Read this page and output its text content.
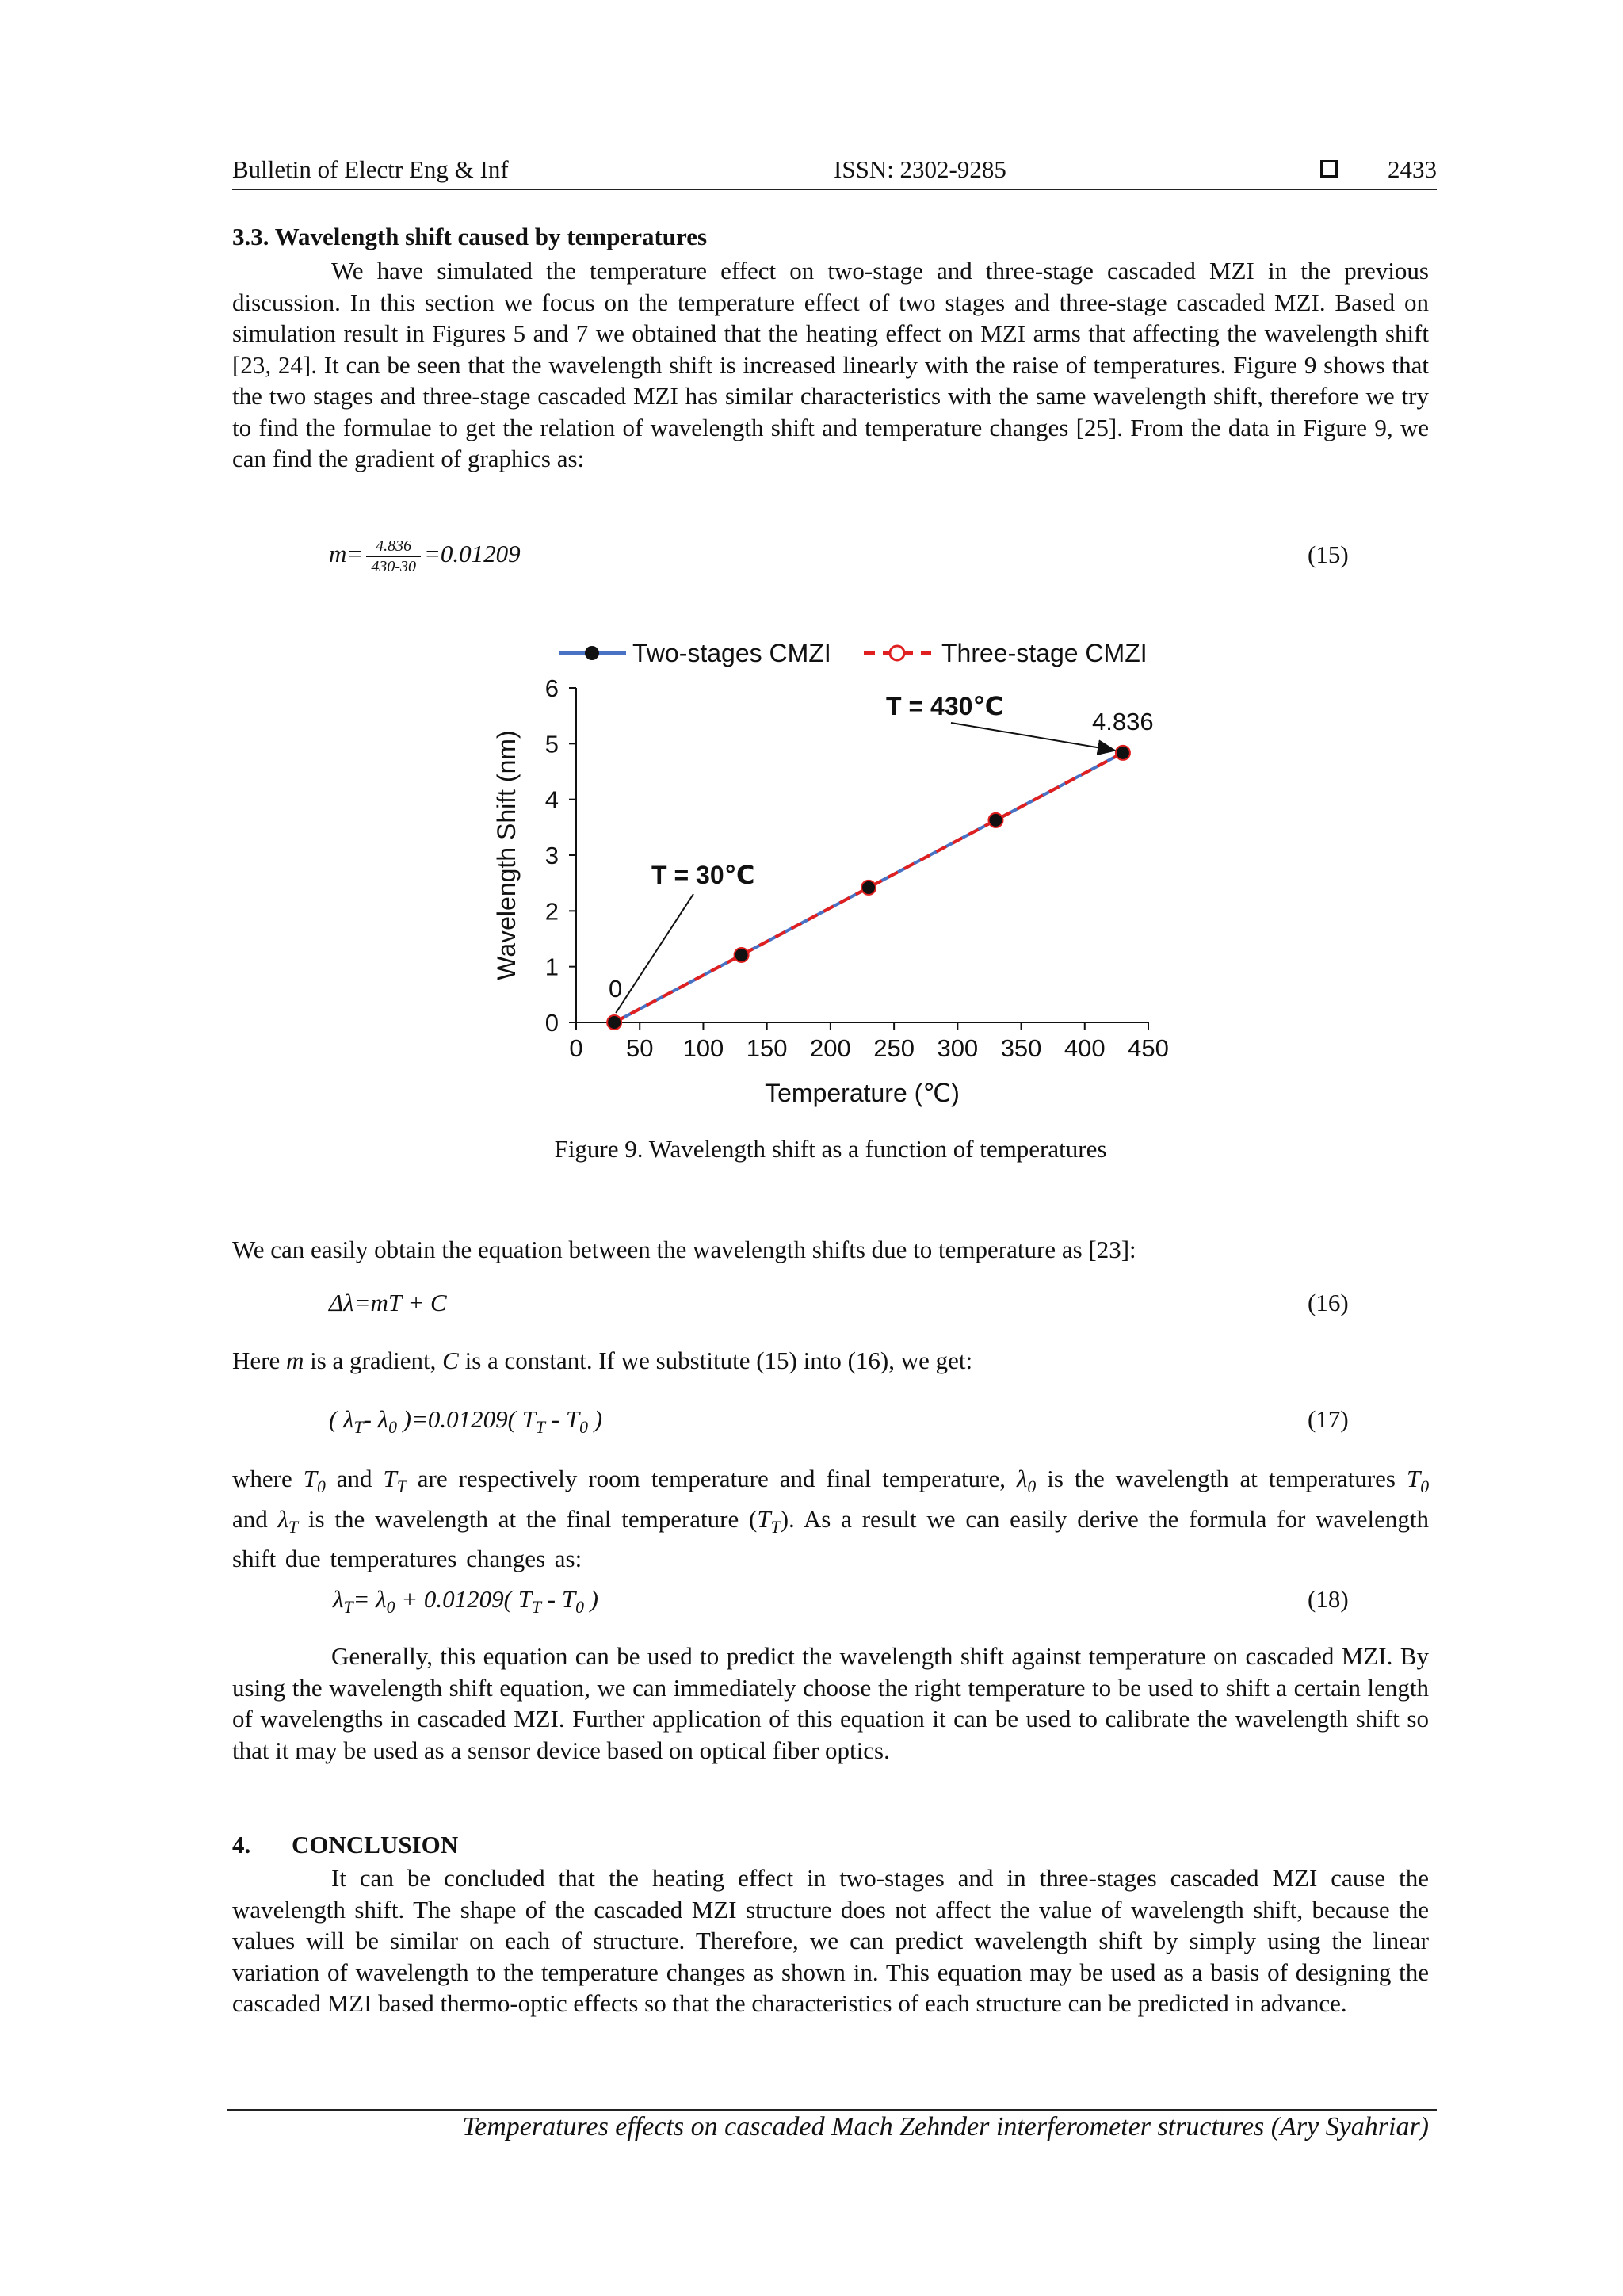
Bulletin of Electr Eng & Inf	ISSN: 2302-9285	2433
3.3. Wavelength shift caused by temperatures
We have simulated the temperature effect on two-stage and three-stage cascaded MZI in the previous discussion. In this section we focus on the temperature effect of two stages and three-stage cascaded MZI. Based on simulation result in Figures 5 and 7 we obtained that the heating effect on MZI arms that affecting the wavelength shift [23, 24]. It can be seen that the wavelength shift is increased linearly with the raise of temperatures. Figure 9 shows that the two stages and three-stage cascaded MZI has similar characteristics with the same wavelength shift, therefore we try to find the formulae to get the relation of wavelength shift and temperature changes [25]. From the data in Figure 9, we can find the gradient of graphics as:
$m= \frac{4.836}{430-30} =0.01209$	(15)
Two-stages CMZI	Three-stage CMZI
0 50 100 150 200 250 300 350 400 450
0
1
2
3
4
5
6
T = 430℃
4.836
T = 30℃
0
Temperature (℃)
Wavelength Shift (nm)
Figure 9. Wavelength shift as a function of temperatures
We can easily obtain the equation between the wavelength shifts due to temperature as [23]:
Δλ=mT + C	(16)
Here m is a gradient, C is a constant. If we substitute (15) into (16), we get:
( $\lambda_T-$ $\lambda_0$ )=0.01209( $T_T - T_0$ )	(17)
where $T_0$ and $T_T$ are respectively room temperature and final temperature, $\lambda_0$ is the wavelength at temperatures $T_0$ and $\lambda_T$ is the wavelength at the final temperature $(T_T)$. As a result we can easily derive the formula for wavelength shift due temperatures changes as:
$\lambda_T= \lambda_0 + 0.01209$( $T_T - T_0$ )	(18)
Generally, this equation can be used to predict the wavelength shift against temperature on cascaded MZI. By using the wavelength shift equation, we can immediately choose the right temperature to be used to shift a certain length of wavelengths in cascaded MZI. Further application of this equation it can be used to calibrate the wavelength shift so that it may be used as a sensor device based on optical fiber optics.
4. CONCLUSION
It can be concluded that the heating effect in two-stages and in three-stages cascaded MZI cause the wavelength shift. The shape of the cascaded MZI structure does not affect the value of wavelength shift, because the values will be similar on each of structure. Therefore, we can predict wavelength shift by simply using the linear variation of wavelength to the temperature changes as shown in. This equation may be used as a basis of designing the cascaded MZI based thermo-optic effects so that the characteristics of each structure can be predicted in advance.
Temperatures effects on cascaded Mach Zehnder interferometer structures (Ary Syahriar)
